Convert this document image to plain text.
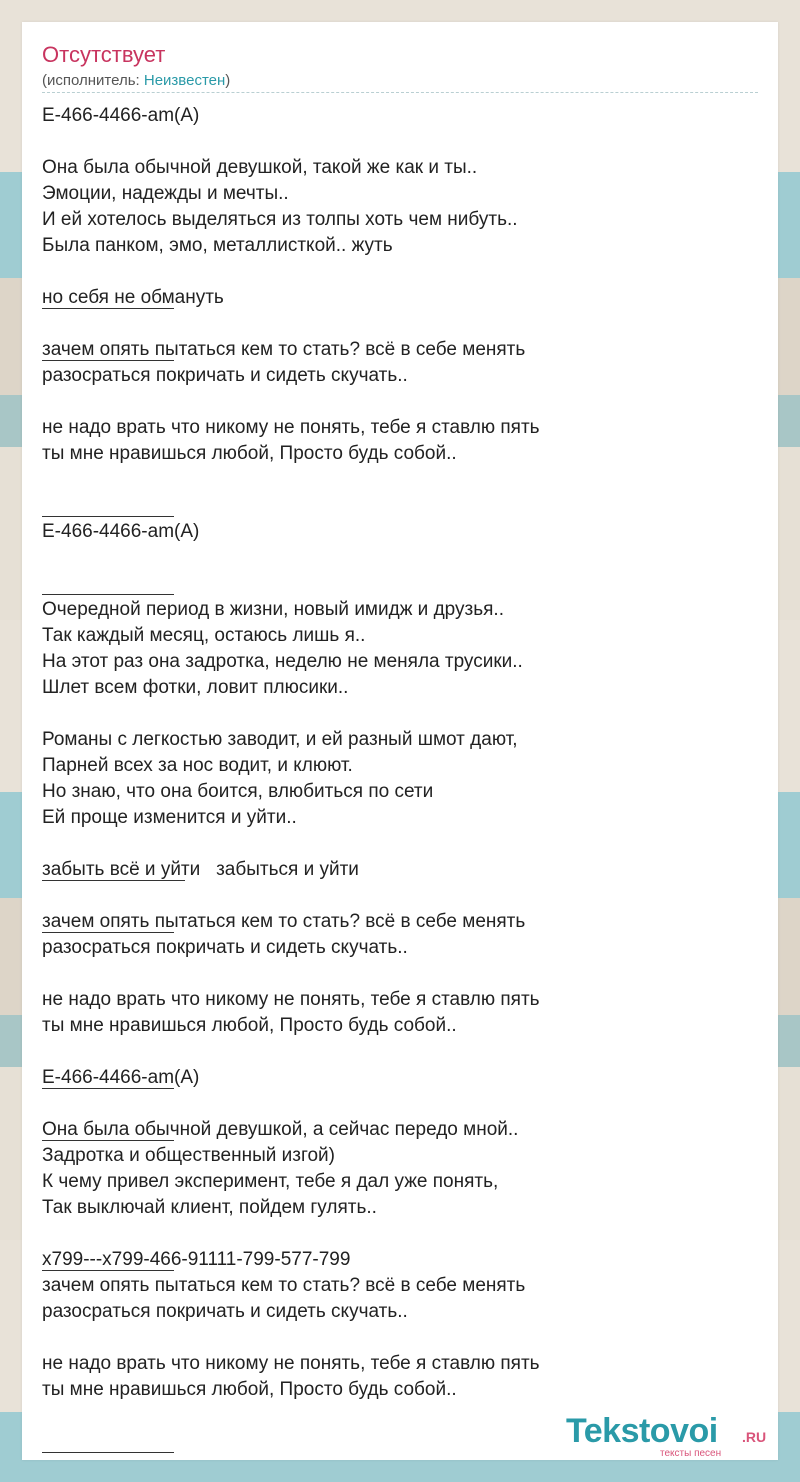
Отсутствует
(исполнитель: Неизвестен)
E-466-4466-am(A)
Она была обычной девушкой, такой же как и ты..
Эмоции, надежды и мечты..
И ей хотелось выделяться из толпы хоть чем нибуть..
Была панком, эмо, металлисткой.. жуть
но себя не обмануть
зачем опять пытаться кем то стать? всё в себе менять
разосраться покричать и сидеть скучать..
не надо врать что никому не понять, тебе я ставлю пять
ты мне нравишься любой, Просто будь собой..
E-466-4466-am(A)
Очередной период в жизни, новый имидж и друзья..
Так каждый месяц, остаюсь лишь я..
На этот раз она задротка, неделю не меняла трусики..
Шлет всем фотки, ловит плюсики..
Романы с легкостью заводит, и ей разный шмот дают,
Парней всех за нос водит, и клюют.
Но знаю, что она боится, влюбиться по сети
Ей проще изменится и уйти..
забыть всё и уйти   забыться и уйти
зачем опять пытаться кем то стать? всё в себе менять
разосраться покричать и сидеть скучать..
не надо врать что никому не понять, тебе я ставлю пять
ты мне нравишься любой, Просто будь собой..
E-466-4466-am(A)
Она была обычной девушкой, а сейчас передо мной..
Задротка и общественный изгой)
К чему привел эксперимент, тебе я дал уже понять,
Так выключай клиент, пойдем гулять..
x799---x799-466-91111-799-577-799
зачем опять пытаться кем то стать? всё в себе менять
разосраться покричать и сидеть скучать..
не надо врать что никому не понять, тебе я ставлю пять
ты мне нравишься любой, Просто будь собой..
Tekstovoi .RU
тексты песен
